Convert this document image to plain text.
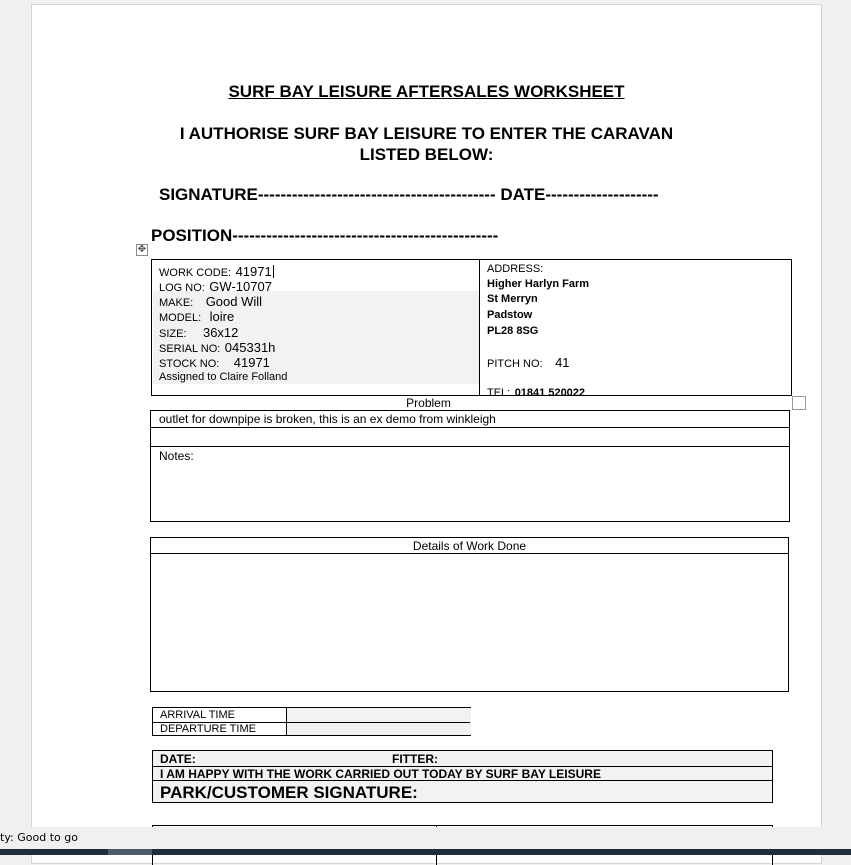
SURF BAY LEISURE AFTERSALES WORKSHEET
I AUTHORISE SURF BAY LEISURE TO ENTER THE CARAVAN
LISTED BELOW:
SIGNATURE------------------------------------------ DATE--------------------
POSITION-----------------------------------------------
✥
WORK CODE: 41971
LOG NO: GW-10707
MAKE: Good Will
MODEL: loire
SIZE: 36x12
SERIAL NO: 045331h
STOCK NO: 41971
Assigned to Claire Folland
ADDRESS:
Higher Harlyn Farm
St Merryn
Padstow
PL28 8SG
PITCH NO: 41
TEL: 01841 520022
Problem
outlet for downpipe is broken, this is an ex demo from winkleigh
Notes:
Details of Work Done
ARRIVAL TIME
DEPARTURE TIME
DATE:	FITTER:
I AM HAPPY WITH THE WORK CARRIED OUT TODAY BY SURF BAY LEISURE
PARK/CUSTOMER SIGNATURE:
ty: Good to go
